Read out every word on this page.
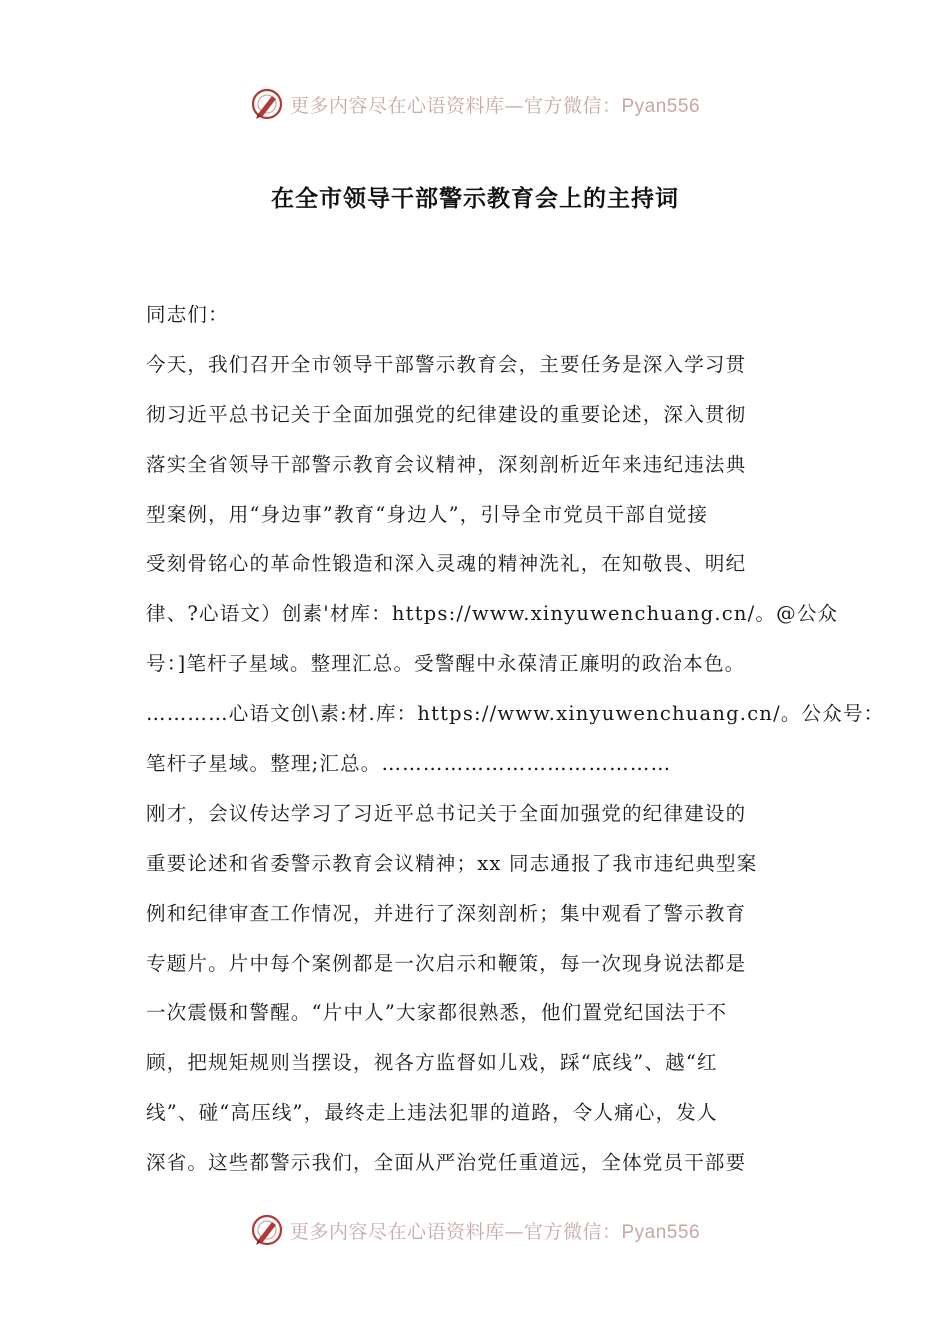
更多内容尽在心语资料库—官方微信：Pyan556
在全市领导干部警示教育会上的主持词
同志们：
今天，我们召开全市领导干部警示教育会，主要任务是深入学习贯
彻习近平总书记关于全面加强党的纪律建设的重要论述，深入贯彻
落实全省领导干部警示教育会议精神，深刻剖析近年来违纪违法典
型案例，用“身边事”教育“身边人”，引导全市党员干部自觉接
受刻骨铭心的革命性锻造和深入灵魂的精神洗礼，在知敬畏、明纪
律、?心语文）创素'材库：https://www.xinyuwenchuang.cn/。@公众
号：]笔杆子星域。整理汇总。受警醒中永葆清正廉明的政治本色。
…………心语文创\素:材.库：https://www.xinyuwenchuang.cn/。公众号：
笔杆子星域。整理;汇总。……………………………………
刚才，会议传达学习了习近平总书记关于全面加强党的纪律建设的
重要论述和省委警示教育会议精神；xx 同志通报了我市违纪典型案
例和纪律审查工作情况，并进行了深刻剖析；集中观看了警示教育
专题片。片中每个案例都是一次启示和鞭策，每一次现身说法都是
一次震慑和警醒。“片中人”大家都很熟悉，他们置党纪国法于不
顾，把规矩规则当摆设，视各方监督如儿戏，踩“底线”、越“红
线”、碰“高压线”，最终走上违法犯罪的道路，令人痛心，发人
深省。这些都警示我们，全面从严治党任重道远，全体党员干部要
更多内容尽在心语资料库—官方微信：Pyan556
